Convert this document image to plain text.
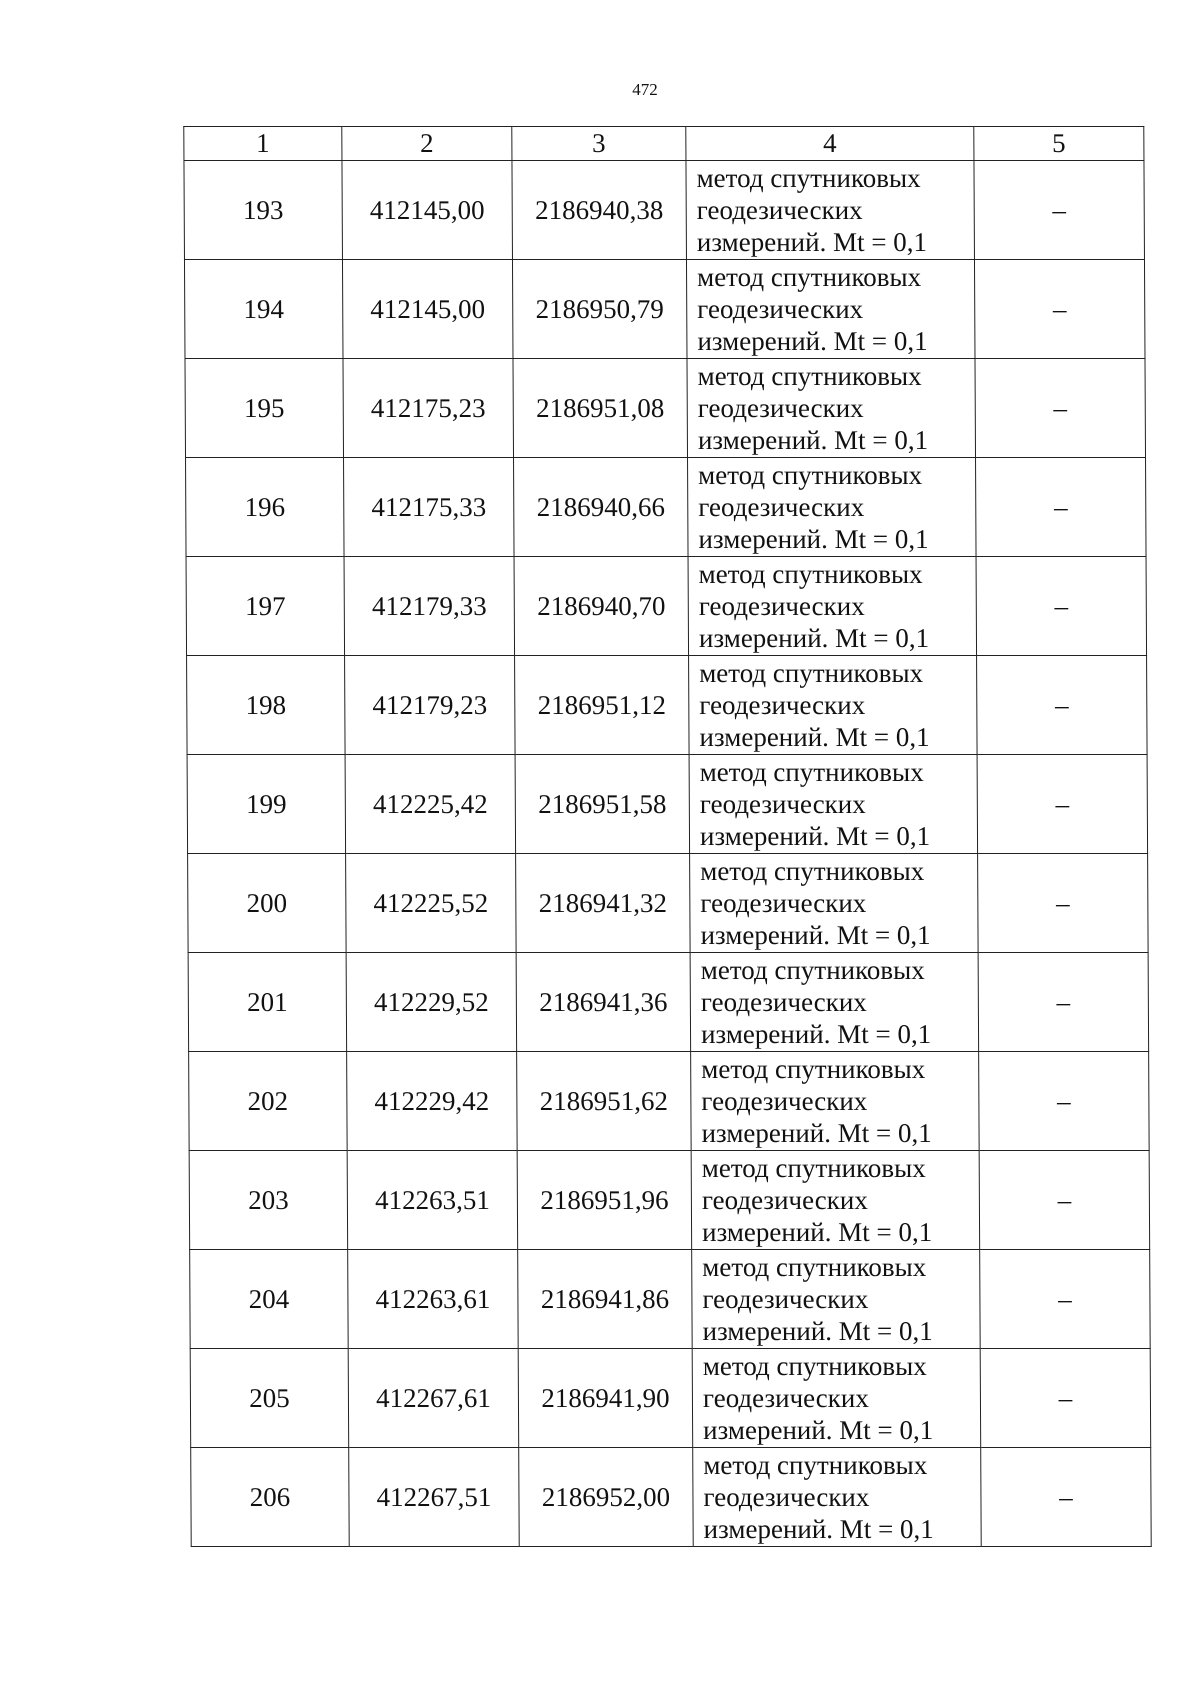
472
1	2	3	4	5
193	412145,00	2186940,38	метод спутниковых
геодезических
измерений. Mt = 0,1	–
194	412145,00	2186950,79	метод спутниковых
геодезических
измерений. Mt = 0,1	–
195	412175,23	2186951,08	метод спутниковых
геодезических
измерений. Mt = 0,1	–
196	412175,33	2186940,66	метод спутниковых
геодезических
измерений. Mt = 0,1	–
197	412179,33	2186940,70	метод спутниковых
геодезических
измерений. Mt = 0,1	–
198	412179,23	2186951,12	метод спутниковых
геодезических
измерений. Mt = 0,1	–
199	412225,42	2186951,58	метод спутниковых
геодезических
измерений. Mt = 0,1	–
200	412225,52	2186941,32	метод спутниковых
геодезических
измерений. Mt = 0,1	–
201	412229,52	2186941,36	метод спутниковых
геодезических
измерений. Mt = 0,1	–
202	412229,42	2186951,62	метод спутниковых
геодезических
измерений. Mt = 0,1	–
203	412263,51	2186951,96	метод спутниковых
геодезических
измерений. Mt = 0,1	–
204	412263,61	2186941,86	метод спутниковых
геодезических
измерений. Mt = 0,1	–
205	412267,61	2186941,90	метод спутниковых
геодезических
измерений. Mt = 0,1	–
206	412267,51	2186952,00	метод спутниковых
геодезических
измерений. Mt = 0,1	–
